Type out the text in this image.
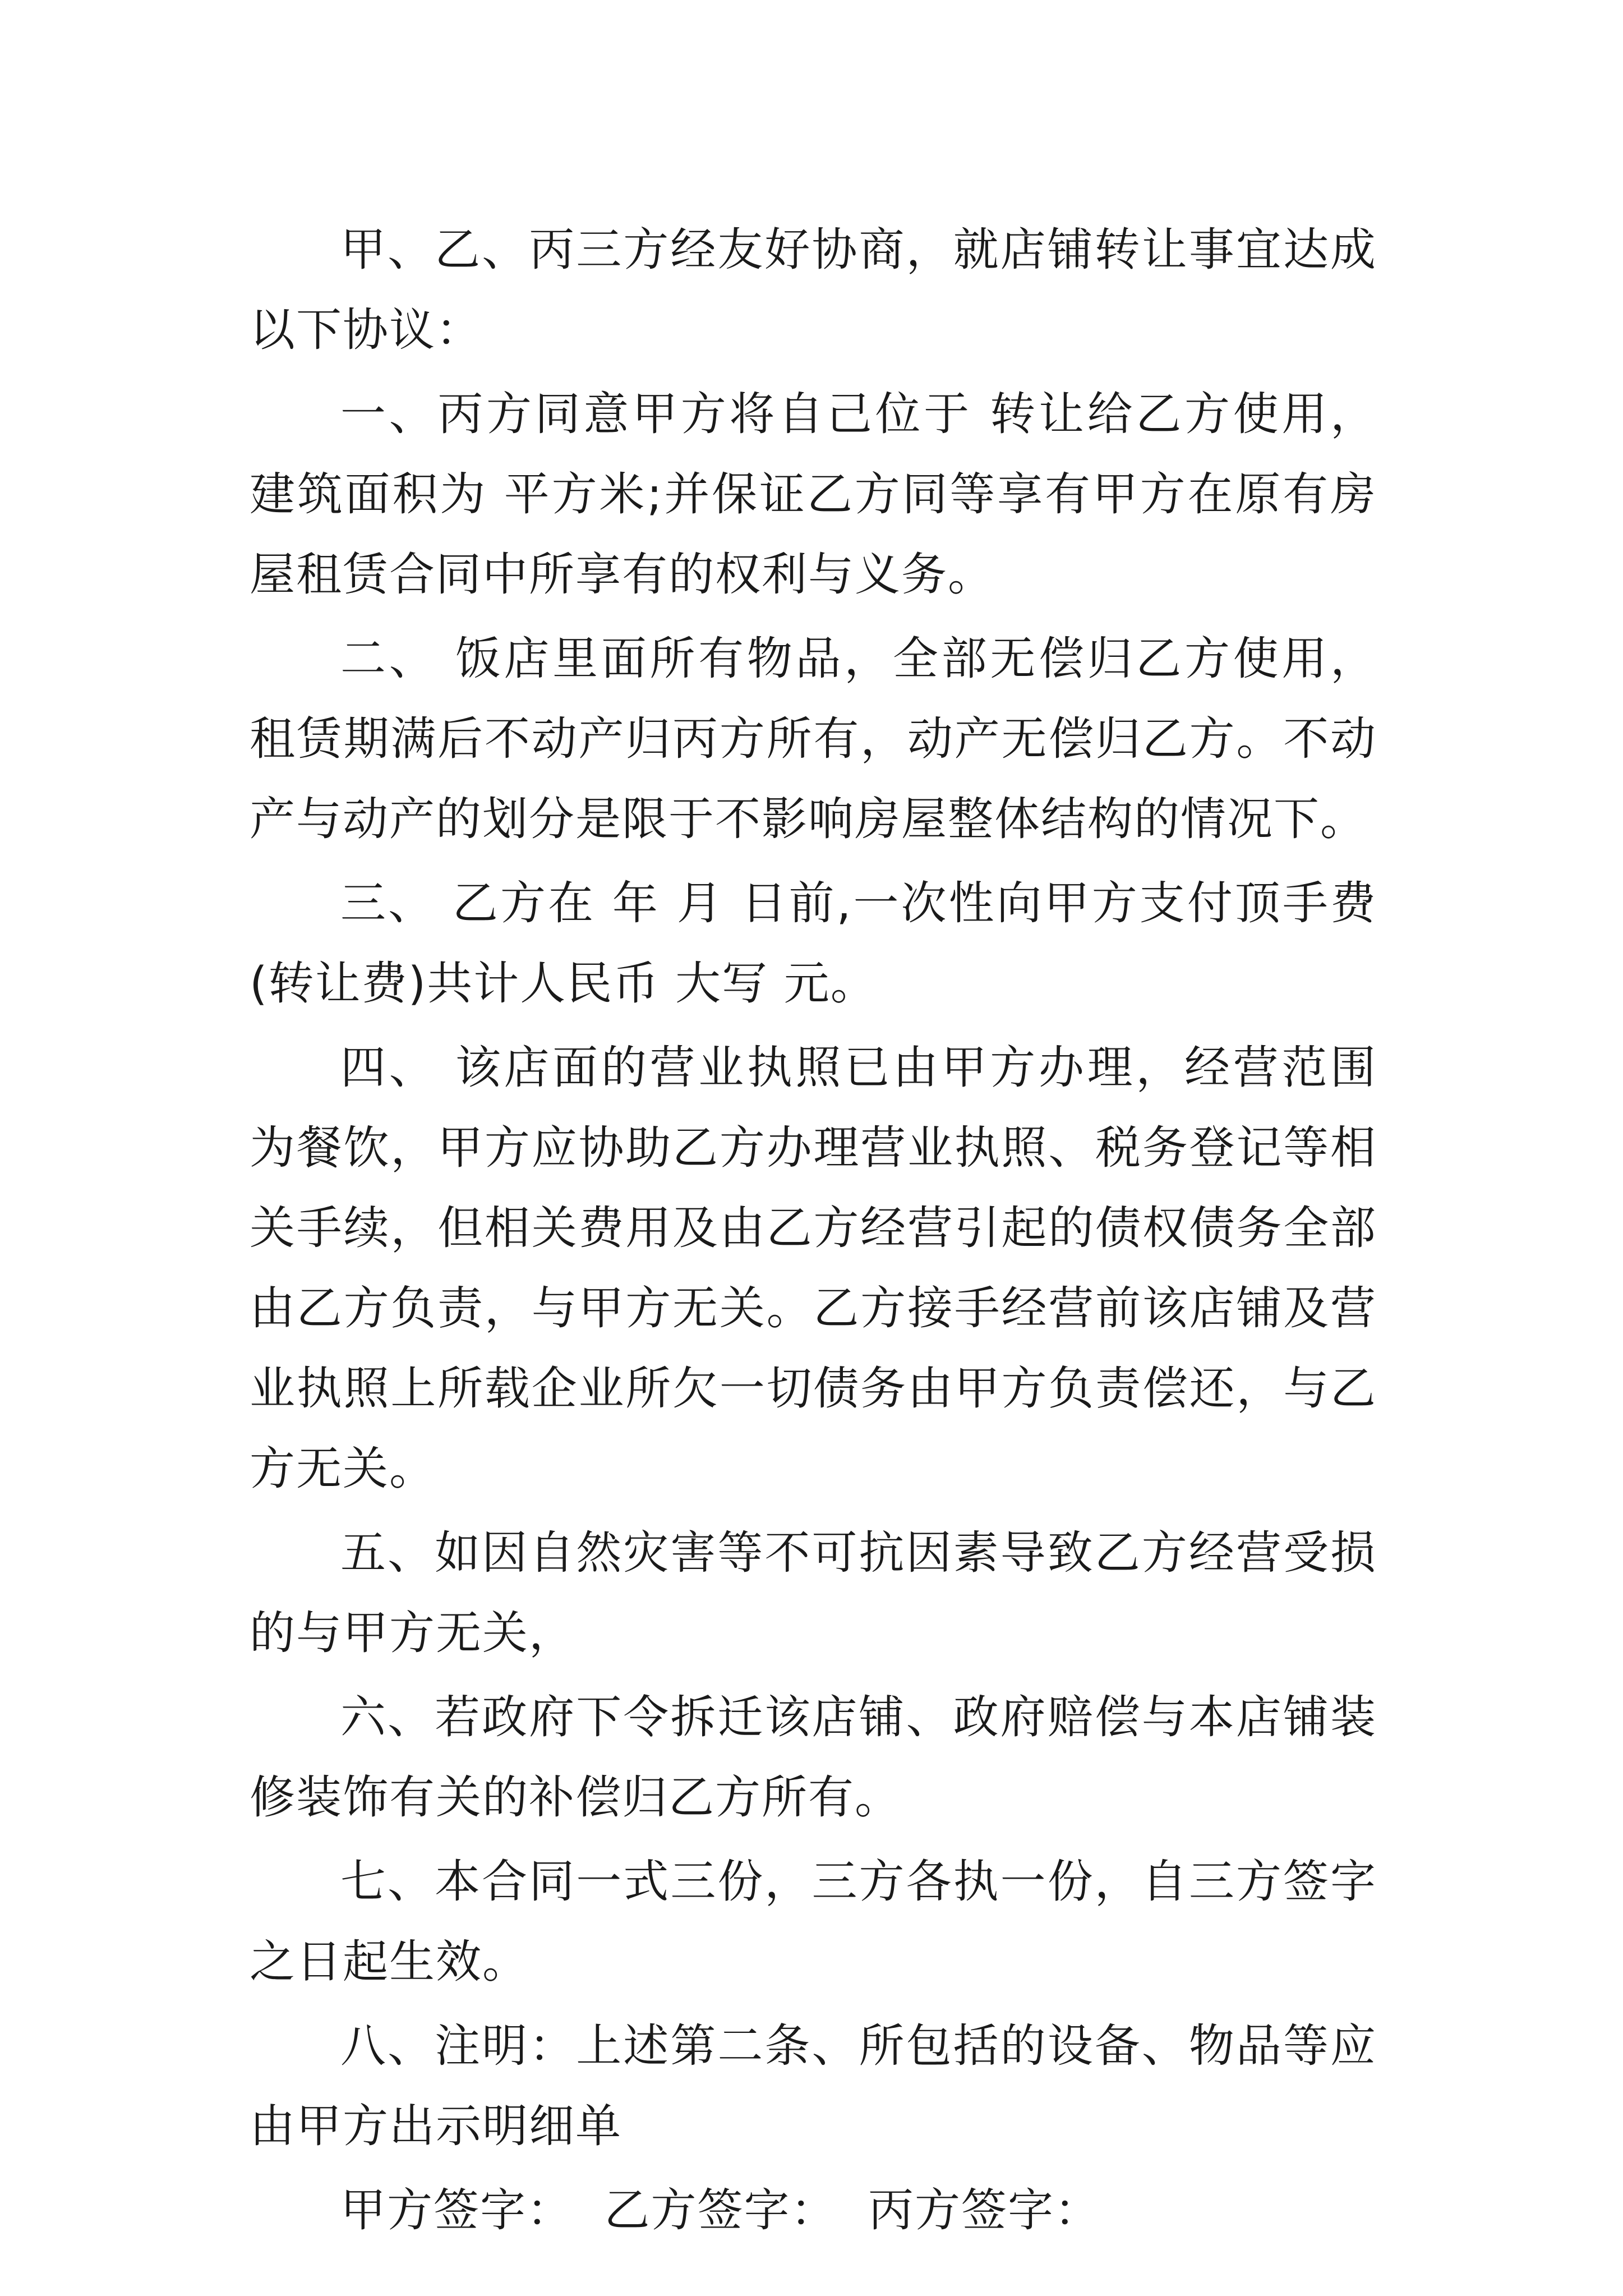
甲、乙、丙三方经友好协商，就店铺转让事宜达成以下协议：

一、丙方同意甲方将自己位于 转让给乙方使用，建筑面积为 平方米;并保证乙方同等享有甲方在原有房屋租赁合同中所享有的权利与义务。

二、 饭店里面所有物品，全部无偿归乙方使用，租赁期满后不动产归丙方所有，动产无偿归乙方。不动产与动产的划分是限于不影响房屋整体结构的情况下。

三、 乙方在 年 月 日前,一次性向甲方支付顶手费(转让费)共计人民币 大写 元。

四、 该店面的营业执照已由甲方办理，经营范围为餐饮，甲方应协助乙方办理营业执照、税务登记等相关手续，但相关费用及由乙方经营引起的债权债务全部由乙方负责，与甲方无关。乙方接手经营前该店铺及营业执照上所载企业所欠一切债务由甲方负责偿还，与乙方无关。

五、如因自然灾害等不可抗因素导致乙方经营受损的与甲方无关，

六、若政府下令拆迁该店铺、政府赔偿与本店铺装修装饰有关的补偿归乙方所有。

七、本合同一式三份，三方各执一份，自三方签字之日起生效。

八、注明：上述第二条、所包括的设备、物品等应由甲方出示明细单

甲方签字：  乙方签字：  丙方签字：
